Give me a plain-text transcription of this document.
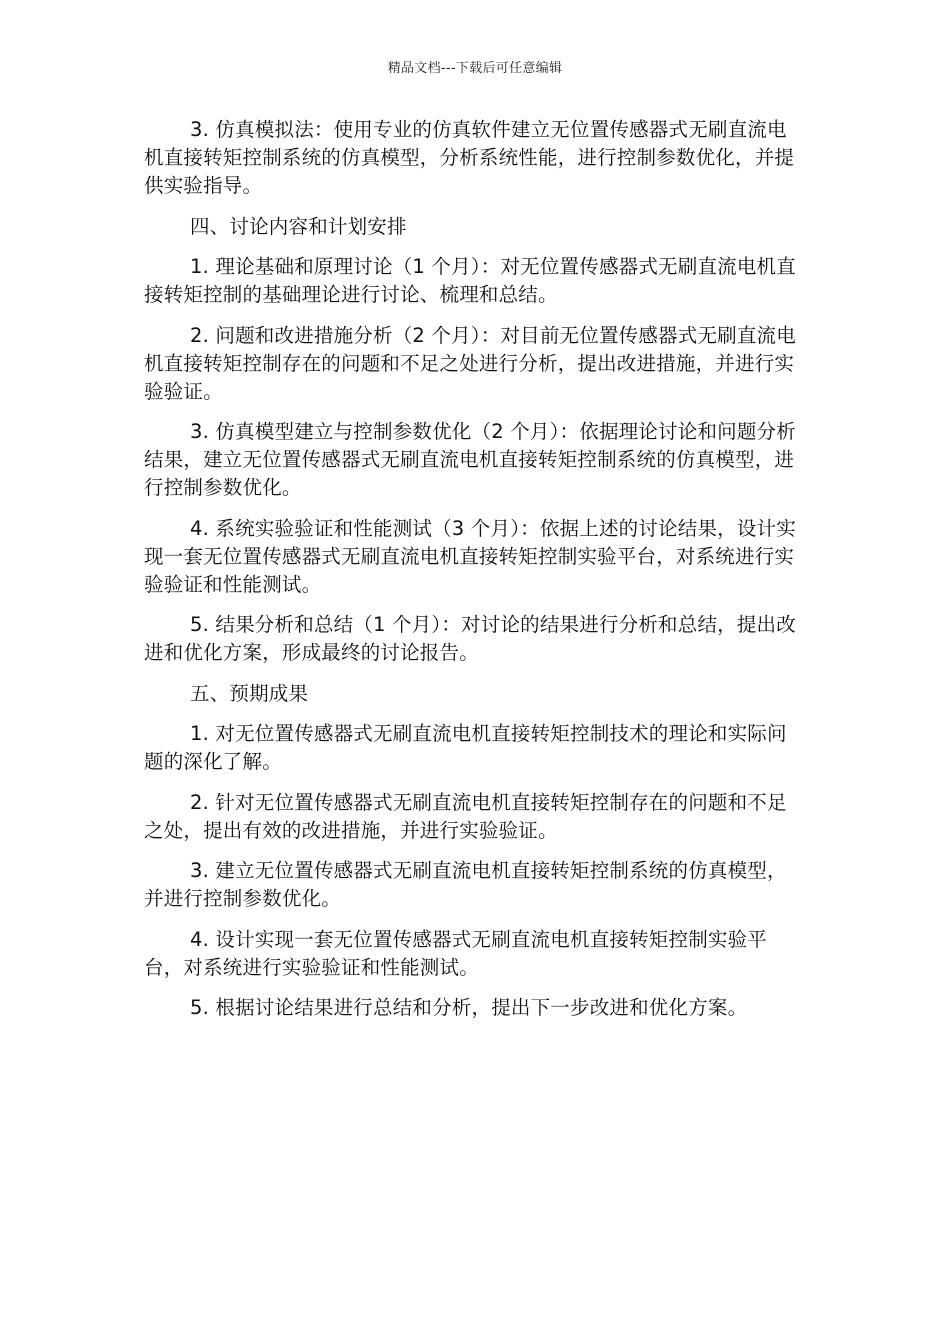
精品文档---下载后可任意编辑

3. 仿真模拟法：使用专业的仿真软件建立无位置传感器式无刷直流电机直接转矩控制系统的仿真模型，分析系统性能，进行控制参数优化，并提供实验指导。

四、讨论内容和计划安排

1. 理论基础和原理讨论（1 个月）：对无位置传感器式无刷直流电机直接转矩控制的基础理论进行讨论、梳理和总结。

2. 问题和改进措施分析（2 个月）：对目前无位置传感器式无刷直流电机直接转矩控制存在的问题和不足之处进行分析，提出改进措施，并进行实验验证。

3. 仿真模型建立与控制参数优化（2 个月）：依据理论讨论和问题分析结果，建立无位置传感器式无刷直流电机直接转矩控制系统的仿真模型，进行控制参数优化。

4. 系统实验验证和性能测试（3 个月）：依据上述的讨论结果，设计实现一套无位置传感器式无刷直流电机直接转矩控制实验平台，对系统进行实验验证和性能测试。

5. 结果分析和总结（1 个月）：对讨论的结果进行分析和总结，提出改进和优化方案，形成最终的讨论报告。

五、预期成果

1. 对无位置传感器式无刷直流电机直接转矩控制技术的理论和实际问题的深化了解。

2. 针对无位置传感器式无刷直流电机直接转矩控制存在的问题和不足之处，提出有效的改进措施，并进行实验验证。

3. 建立无位置传感器式无刷直流电机直接转矩控制系统的仿真模型，并进行控制参数优化。

4. 设计实现一套无位置传感器式无刷直流电机直接转矩控制实验平台，对系统进行实验验证和性能测试。

5. 根据讨论结果进行总结和分析，提出下一步改进和优化方案。
